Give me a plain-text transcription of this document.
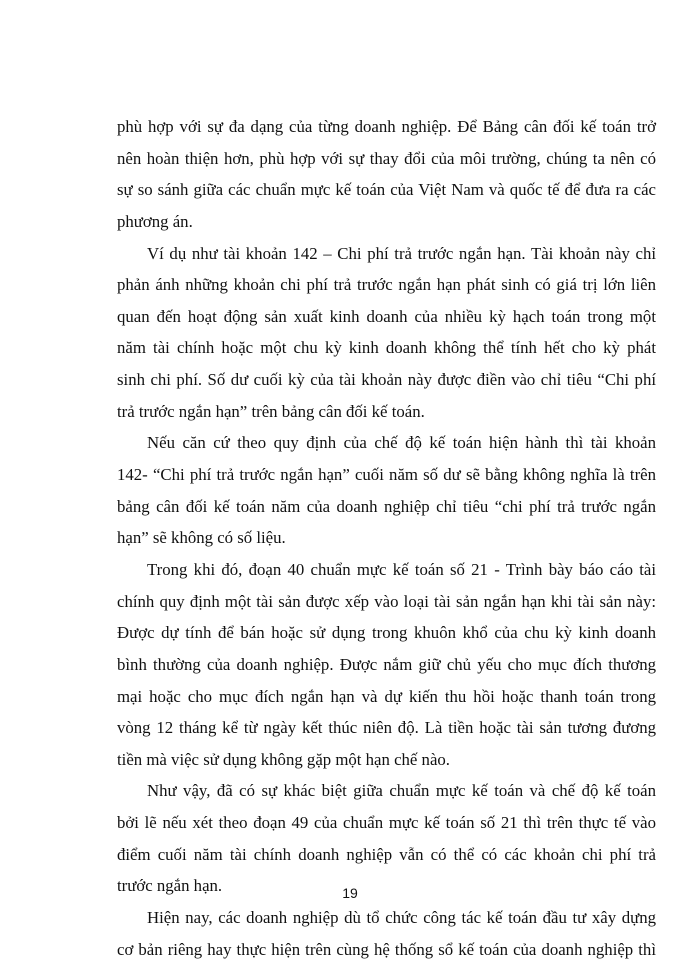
phù hợp với sự đa dạng của từng doanh nghiệp. Để Bảng cân đối kế toán trở
nên hoàn thiện hơn, phù hợp với sự thay đổi của môi trường, chúng ta nên có
sự so sánh giữa các chuẩn mực kế toán của Việt Nam và quốc tế để đưa ra các
phương án.
Ví dụ như tài khoản 142 – Chi phí trả trước ngắn hạn. Tài khoản này chỉ
phản ánh những khoản chi phí trả trước ngắn hạn phát sinh có giá trị lớn liên
quan đến hoạt động sản xuất kinh doanh của nhiều kỳ hạch toán trong một
năm tài chính hoặc một chu kỳ kinh doanh không thể tính hết cho kỳ phát
sinh chi phí. Số dư cuối kỳ của tài khoản này được điền vào chỉ tiêu “Chi phí
trả trước ngắn hạn” trên bảng cân đối kế toán.
Nếu căn cứ theo quy định của chế độ kế toán hiện hành thì tài khoản
142- “Chi phí trả trước ngắn hạn” cuối năm số dư sẽ bằng không nghĩa là trên
bảng cân đối kế toán năm của doanh nghiệp chỉ tiêu “chi phí trả trước ngắn
hạn” sẽ không có số liệu.
Trong khi đó, đoạn 40 chuẩn mực kế toán số 21 - Trình bày báo cáo tài
chính quy định một tài sản được xếp vào loại tài sản ngắn hạn khi tài sản này:
Được dự tính để bán hoặc sử dụng trong khuôn khổ của chu kỳ kinh doanh
bình thường của doanh nghiệp. Được nắm giữ chủ yếu cho mục đích thương
mại hoặc cho mục đích ngắn hạn và dự kiến thu hồi hoặc thanh toán trong
vòng 12 tháng kể từ ngày kết thúc niên độ. Là tiền hoặc tài sản tương đương
tiền mà việc sử dụng không gặp một hạn chế nào.
Như vậy, đã có sự khác biệt giữa chuẩn mực kế toán và chế độ kế toán
bởi lẽ nếu xét theo đoạn 49 của chuẩn mực kế toán số 21 thì trên thực tế vào
điểm cuối năm tài chính doanh nghiệp vẫn có thể có các khoản chi phí trả
trước ngắn hạn.
Hiện nay, các doanh nghiệp dù tổ chức công tác kế toán đầu tư xây dựng
cơ bản riêng hay thực hiện trên cùng hệ thống sổ kế toán của doanh nghiệp thì
19
